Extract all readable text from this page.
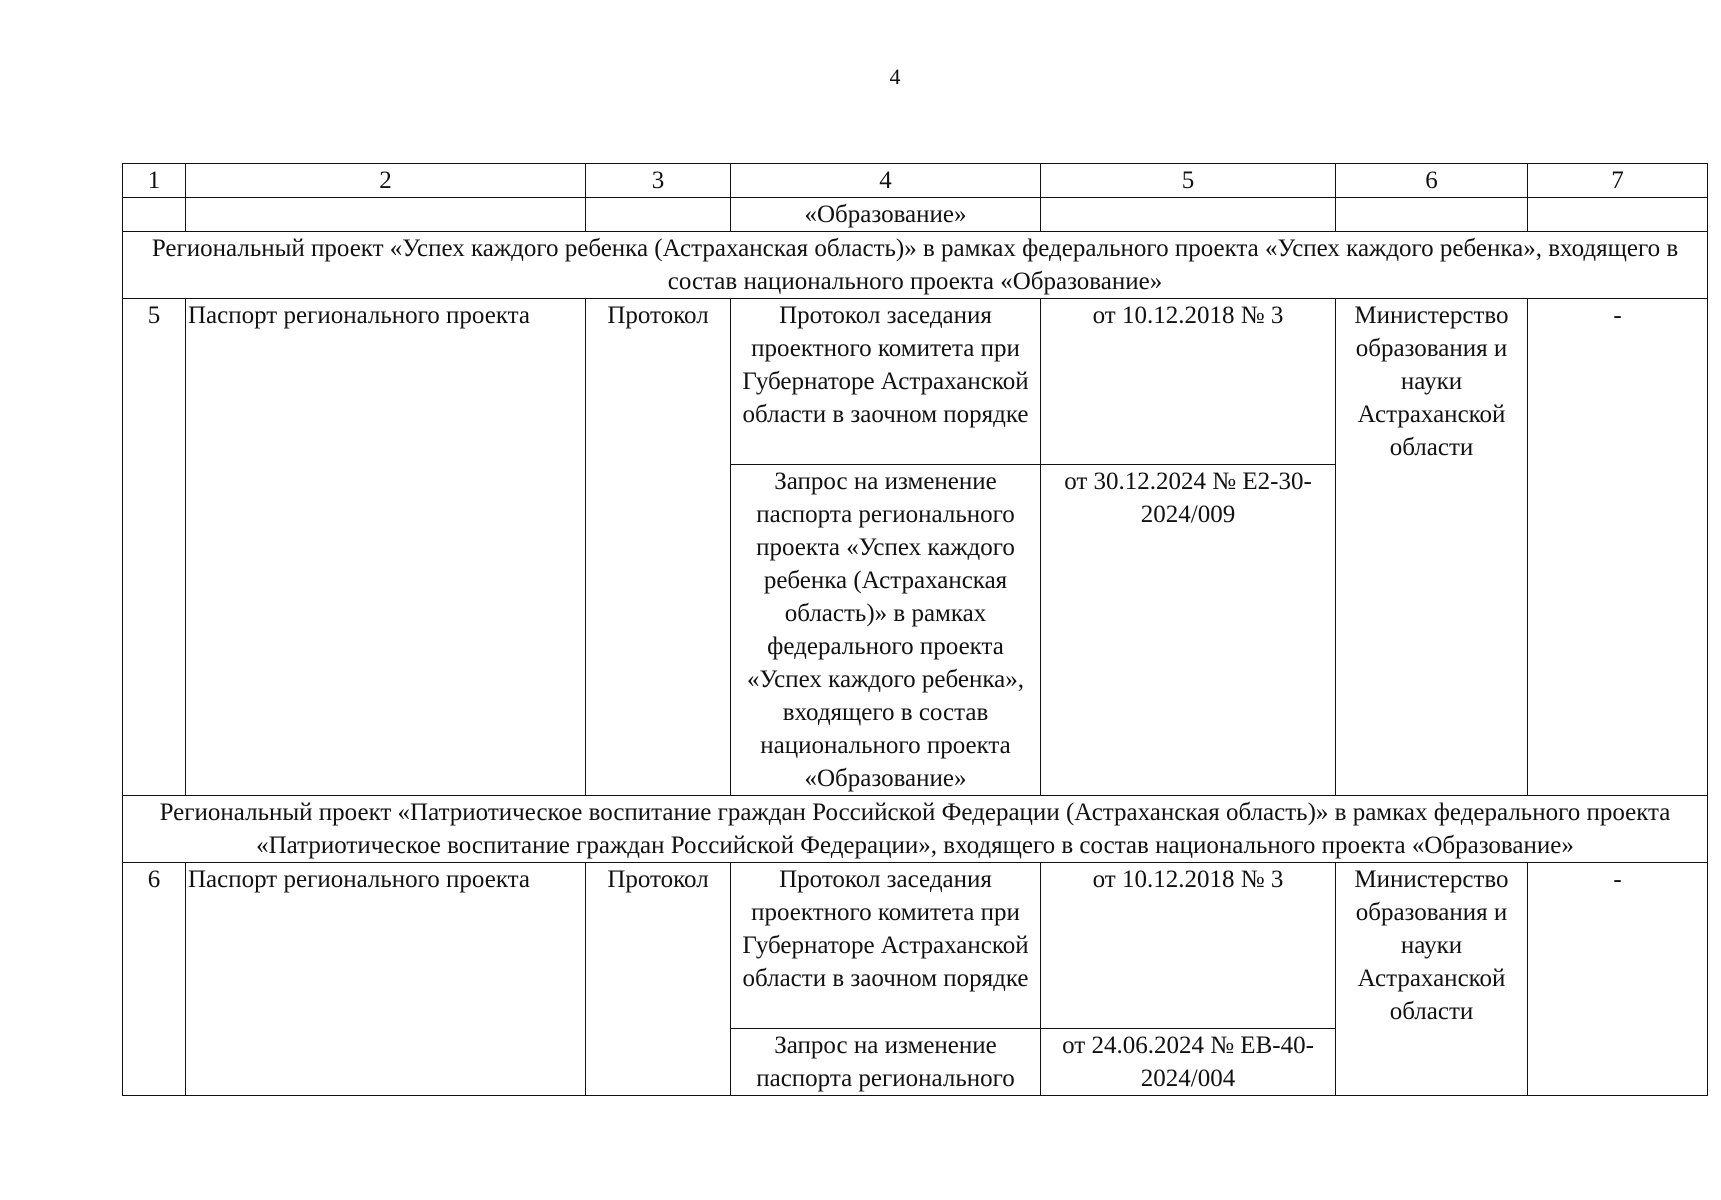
4
1	2	3	4	5	6	7
			«Образование»			
Региональный проект «Успех каждого ребенка (Астраханская область)» в рамках федерального проекта «Успех каждого ребенка», входящего в состав национального проекта «Образование»						
5	Паспорт регионального проекта	Протокол	Протокол заседания проектного комитета при Губернаторе Астраханской области в заочном порядке	от 10.12.2018 № 3	Министерство образования и науки Астраханской области	-
			Запрос на изменение паспорта регионального проекта «Успех каждого ребенка (Астраханская область)» в рамках федерального проекта «Успех каждого ребенка», входящего в состав национального проекта «Образование»	от 30.12.2024 № Е2-30-2024/009		
Региональный проект «Патриотическое воспитание граждан Российской Федерации (Астраханская область)» в рамках федерального проекта «Патриотическое воспитание граждан Российской Федерации», входящего в состав национального проекта «Образование»						
6	Паспорт регионального проекта	Протокол	Протокол заседания проектного комитета при Губернаторе Астраханской области в заочном порядке	от 10.12.2018 № 3	Министерство образования и науки Астраханской области	-
			Запрос на изменение паспорта регионального	от 24.06.2024 № ЕВ-40-2024/004		
